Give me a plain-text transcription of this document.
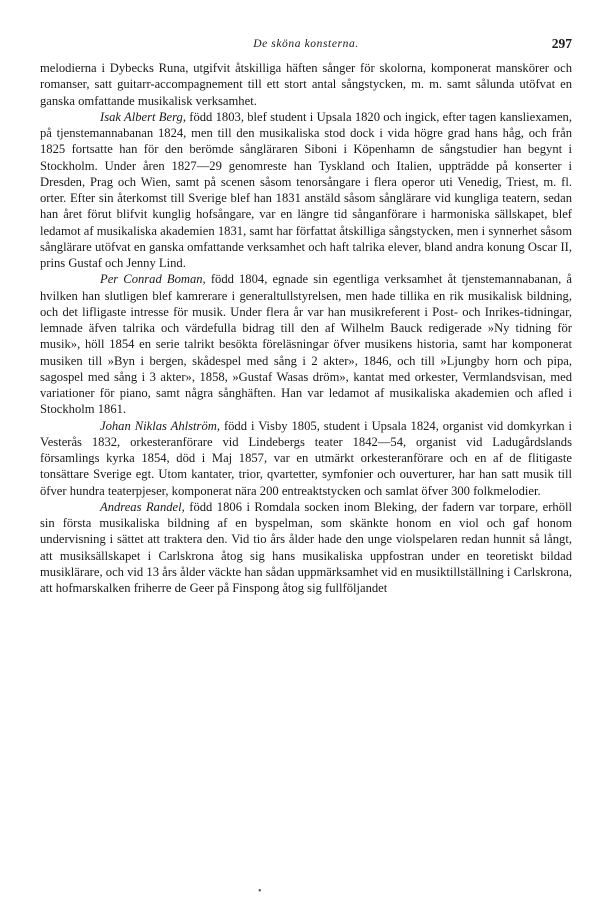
De sköna konsterna.	297

melodierna i Dybecks Runa, utgifvit åtskilliga häften sånger för skolorna, komponerat manskörer och romanser, satt guitarr-accompagnement till ett stort antal sångstycken, m. m. samt sålunda utöfvat en ganska omfattande musikalisk verksamhet.

Isak Albert Berg, född 1803, blef student i Upsala 1820 och ingick, efter tagen kansliexamen, på tjenstemannabanan 1824, men till den musikaliska stod dock i vida högre grad hans håg, och från 1825 fortsatte han för den berömde sångläraren Siboni i Köpenhamn de sångstudier han begynt i Stockholm. Under åren 1827—29 genomreste han Tyskland och Italien, uppträdde på konserter i Dresden, Prag och Wien, samt på scenen såsom tenorsångare i flera operor uti Venedig, Triest, m. fl. orter. Efter sin återkomst till Sverige blef han 1831 anstäld såsom sånglärare vid kungliga teatern, sedan han året förut blifvit kunglig hofsångare, var en längre tid sånganförare i harmoniska sällskapet, blef ledamot af musikaliska akademien 1831, samt har författat åtskilliga sångstycken, men i synnerhet såsom sånglärare utöfvat en ganska omfattande verksamhet och haft talrika elever, bland andra konung Oscar II, prins Gustaf och Jenny Lind.

Per Conrad Boman, född 1804, egnade sin egentliga verksamhet åt tjenstemannabanan, å hvilken han slutligen blef kamrerare i generaltullstyrelsen, men hade tillika en rik musikalisk bildning, och det lifligaste intresse för musik. Under flera år var han musikreferent i Post- och Inrikes-tidningar, lemnade äfven talrika och värdefulla bidrag till den af Wilhelm Bauck redigerade »Ny tidning för musik», höll 1854 en serie talrikt besökta föreläsningar öfver musikens historia, samt har komponerat musiken till »Byn i bergen, skådespel med sång i 2 akter», 1846, och till »Ljungby horn och pipa, sagospel med sång i 3 akter», 1858, »Gustaf Wasas dröm», kantat med orkester, Vermlandsvisan, med variationer för piano, samt några sånghäften. Han var ledamot af musikaliska akademien och afled i Stockholm 1861.

Johan Niklas Ahlström, född i Visby 1805, student i Upsala 1824, organist vid domkyrkan i Vesterås 1832, orkesteranförare vid Lindebergs teater 1842—54, organist vid Ladugårdslands församlings kyrka 1854, död i Maj 1857, var en utmärkt orkesteranförare och en af de flitigaste tonsättare Sverige egt. Utom kantater, trior, qvartetter, symfonier och ouverturer, har han satt musik till öfver hundra teaterpjeser, komponerat nära 200 entreaktstycken och samlat öfver 300 folkmelodier.

Andreas Randel, född 1806 i Romdala socken inom Bleking, der fadern var torpare, erhöll sin första musikaliska bildning af en byspelman, som skänkte honom en viol och gaf honom undervisning i sättet att traktera den. Vid tio års ålder hade den unge violspelaren redan hunnit så långt, att musiksällskapet i Carlskrona åtog sig hans musikaliska uppfostran under en teoretiskt bildad musiklärare, och vid 13 års ålder väckte han sådan uppmärksamhet vid en musiktillställning i Carlskrona, att hofmarskalken friherre de Geer på Finspong åtog sig fullföljandet

•
